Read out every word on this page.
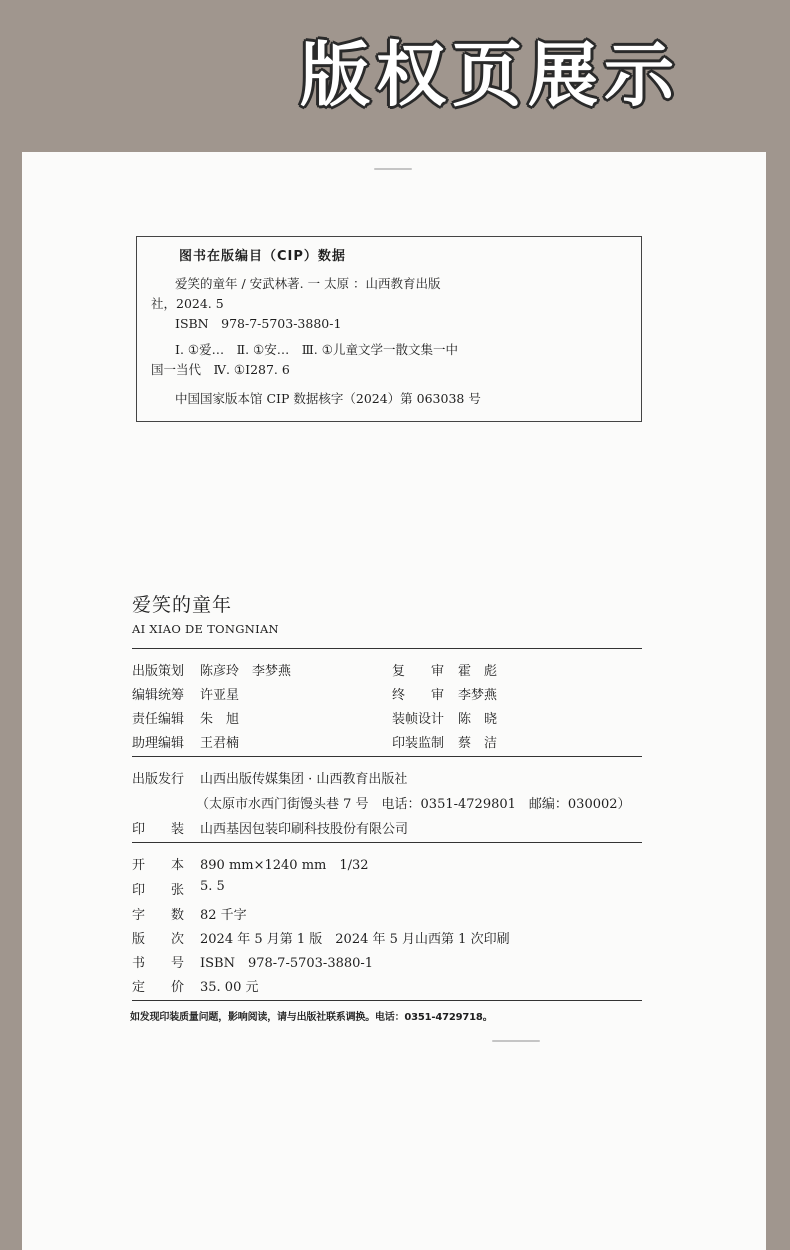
版权页展示
图书在版编目（CIP）数据
爱笑的童年 / 安武林著. 一 太原 ：山西教育出版
社，2024. 5
ISBN　978-7-5703-3880-1
Ⅰ. ①爱…　Ⅱ. ①安…　Ⅲ. ①儿童文学一散文集一中
国一当代　Ⅳ. ①I287. 6
中国国家版本馆 CIP 数据核字（2024）第 063038 号
爱笑的童年
AI XIAO DE TONGNIAN
出版策划 陈彦玲　李梦燕	复　　审 霍　彪
编辑统筹 许亚星	终　　审 李梦燕
责任编辑 朱　旭	装帧设计 陈　晓
助理编辑 王君楠	印装监制 蔡　洁
出版发行 山西出版传媒集团 · 山西教育出版社
（太原市水西门街馒头巷 7 号　电话：0351-4729801　邮编：030002）
印　　装 山西基因包装印刷科技股份有限公司
开　　本 890 mm×1240 mm　1/32
印　　张 5. 5
字　　数 82 千字
版　　次 2024 年 5 月第 1 版　2024 年 5 月山西第 1 次印刷
书　　号 ISBN　978-7-5703-3880-1
定　　价 35. 00 元
如发现印装质量问题，影响阅读，请与出版社联系调换。电话：0351-4729718。
